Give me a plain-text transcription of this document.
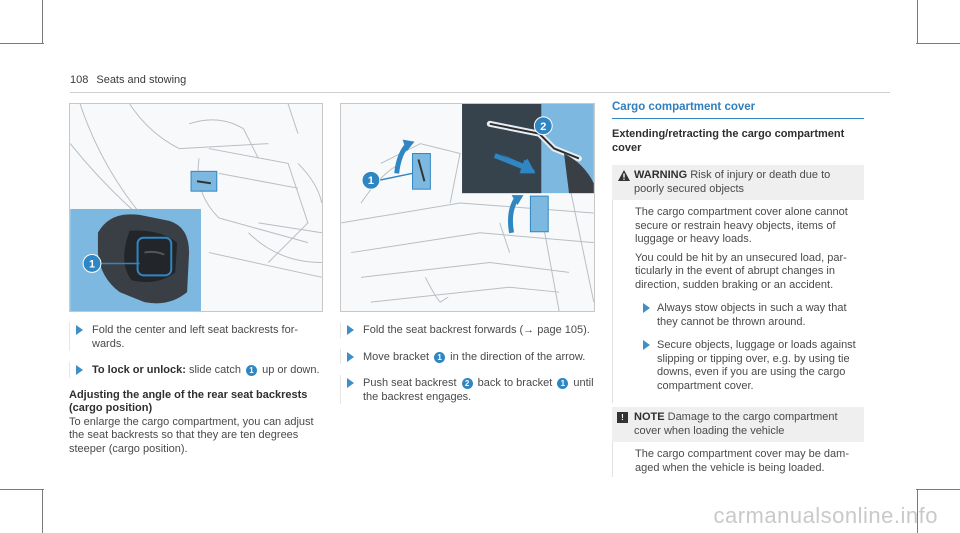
108 Seats and stowing
1
2
1
Fold the center and left seat backrests forwards.
To lock or unlock: slide catch 1 up or down.
Adjusting the angle of the rear seat backrests (cargo position)
To enlarge the cargo compartment, you can adjust the seat backrests so that they are ten degrees steeper (cargo position).
Fold the seat backrest forwards (→ page 105).
Move bracket 1 in the direction of the arrow.
Push seat backrest 2 back to bracket 1 until the backrest engages.
Cargo compartment cover
Extending/retracting the cargo compartment cover
WARNING Risk of injury or death due to poorly secured objects

The cargo compartment cover alone cannot secure or restrain heavy objects, items of luggage or heavy loads.

You could be hit by an unsecured load, particularly in the event of abrupt changes in direction, sudden braking or an accident.

Always stow objects in such a way that they cannot be thrown around.
Secure objects, luggage or loads against slipping or tipping over, e.g. by using tie downs, even if you are using the cargo compartment cover.
! NOTE Damage to the cargo compartment cover when loading the vehicle

The cargo compartment cover may be damaged when the vehicle is being loaded.

carmanualsonline.info
